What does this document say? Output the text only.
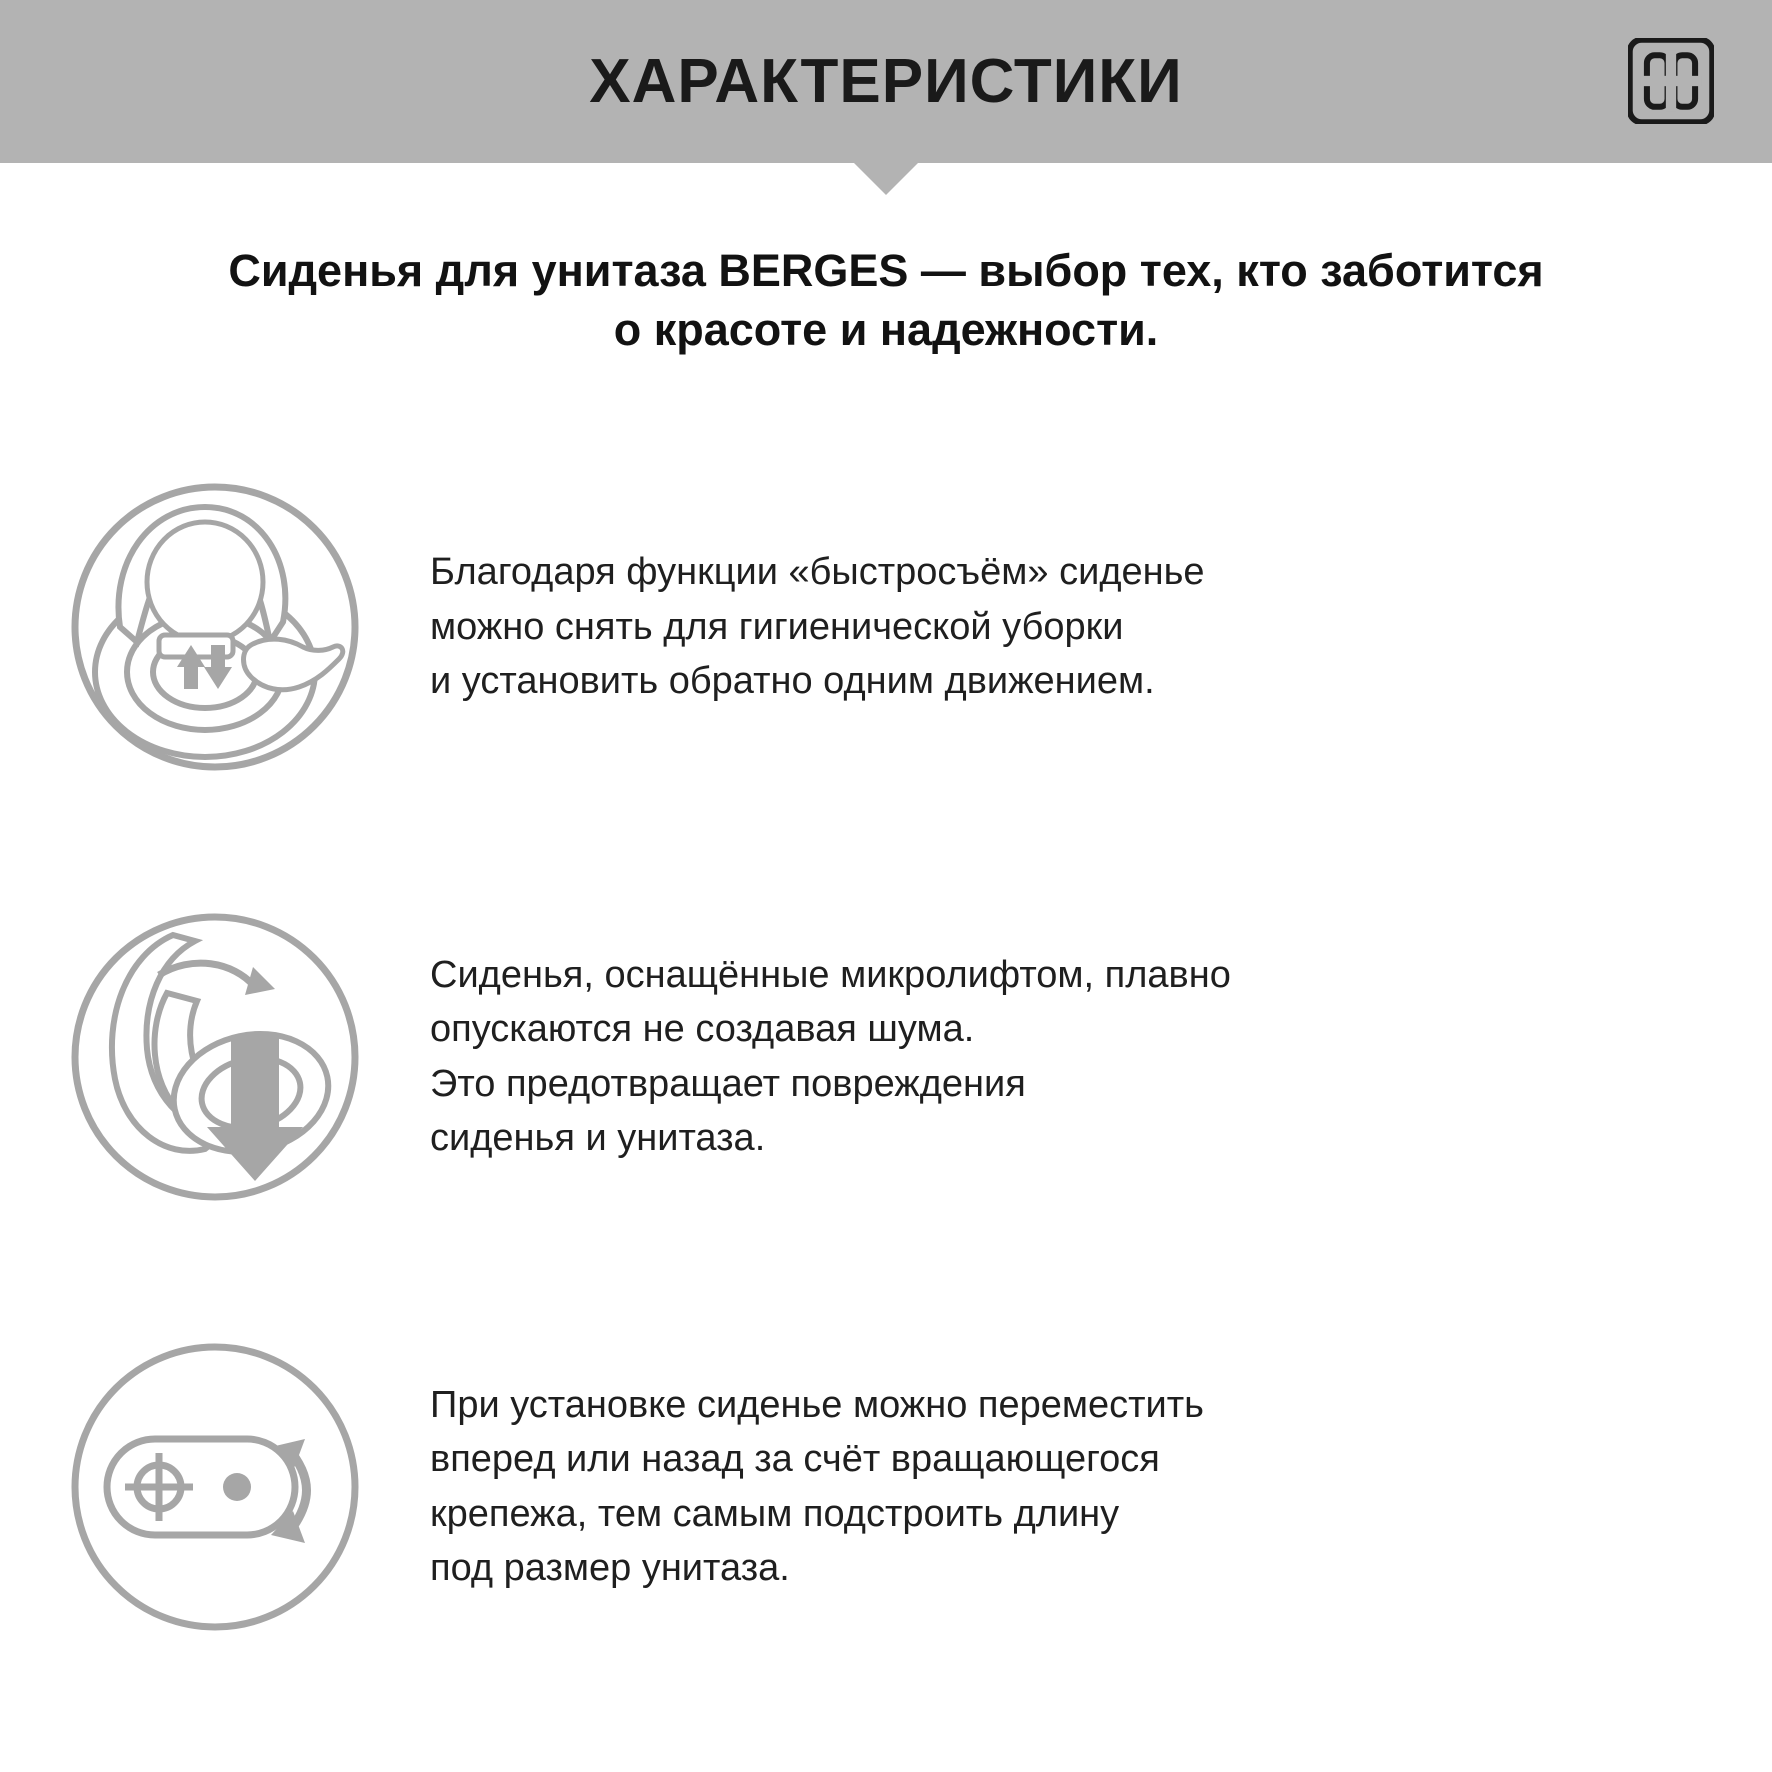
ХАРАКТЕРИСТИКИ
Сиденья для унитаза BERGES — выбор тех, кто заботится
о красоте и надежности.

Благодаря функции «быстросъём» сиденье

можно снять для гигиенической уборки

и установить обратно одним движением.

Сиденья, оснащённые микролифтом, плавно

опускаются не создавая шума.

Это предотвращает повреждения

сиденья и унитаза.

При установке сиденье можно переместить

вперед или назад за счёт вращающегося

крепежа, тем самым подстроить длину

под размер унитаза.
